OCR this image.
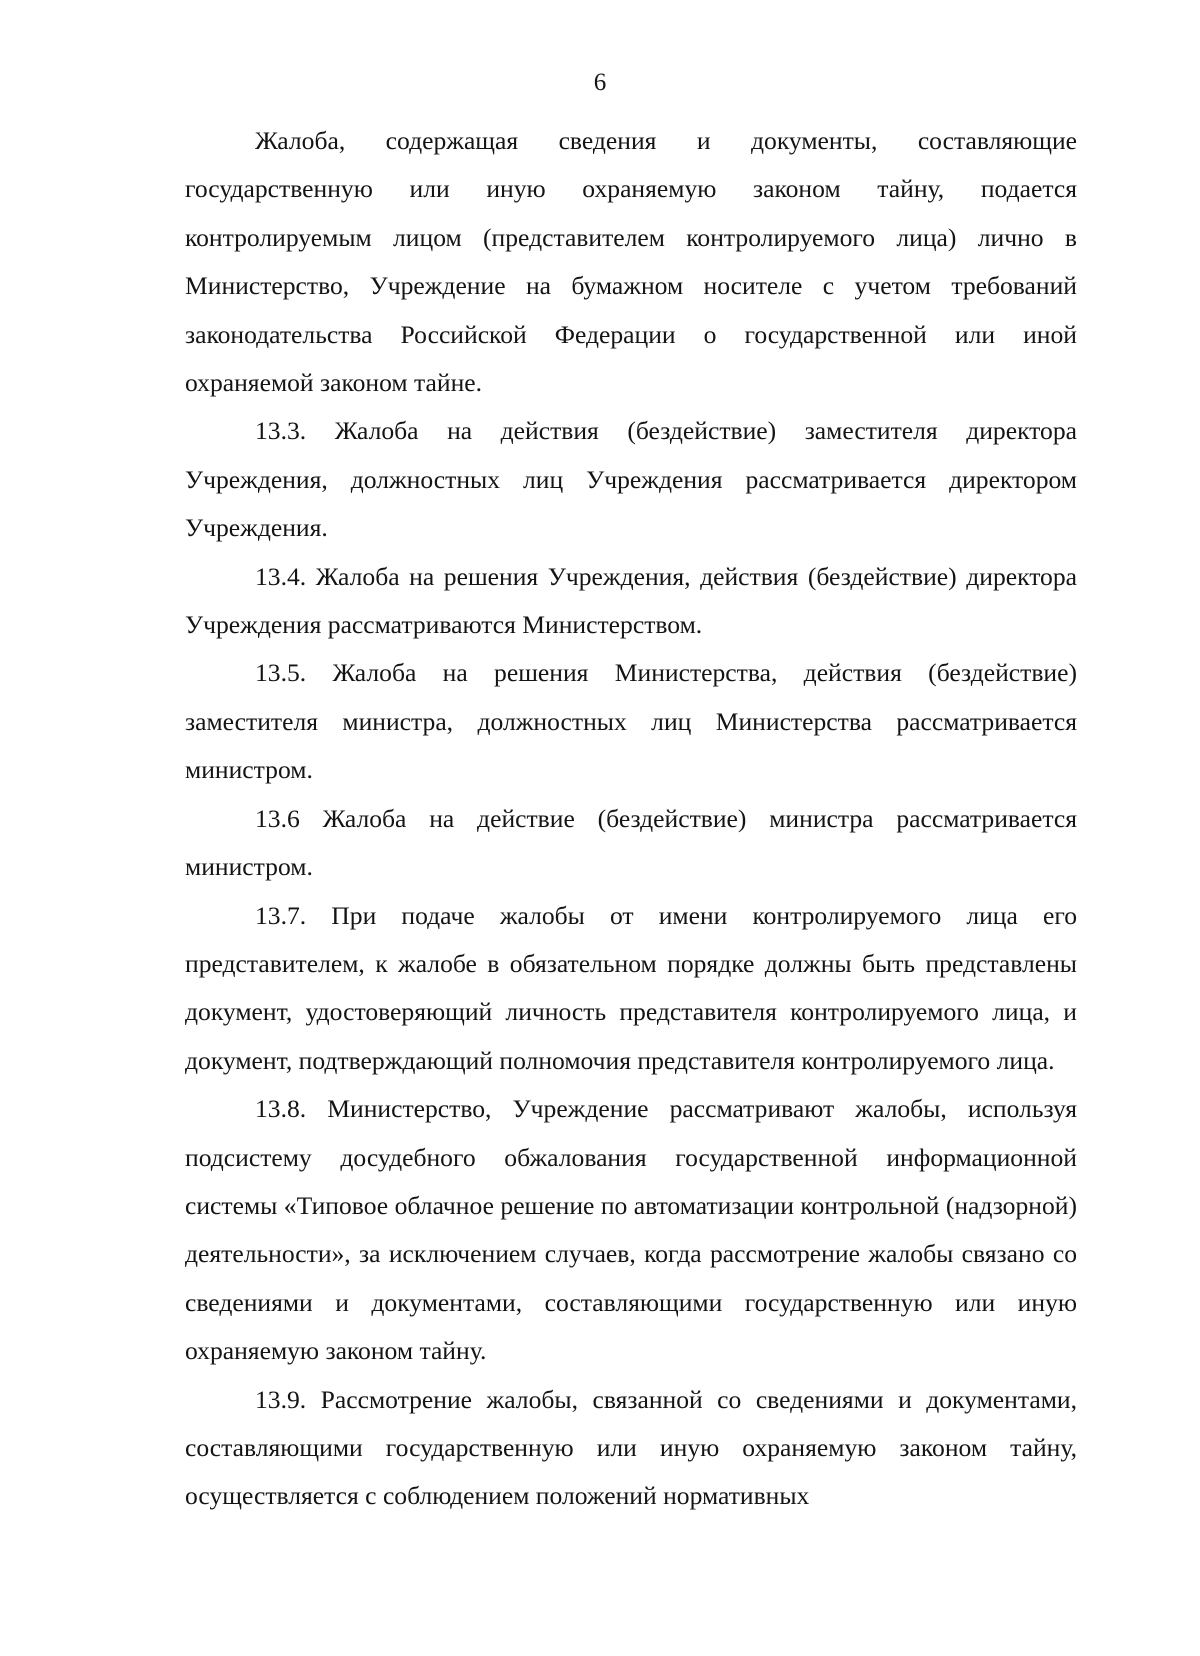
6

Жалоба, содержащая сведения и документы, составляющие государственную или иную охраняемую законом тайну, подается контролируемым лицом (представителем контролируемого лица) лично в Министерство, Учреждение на бумажном носителе с учетом требований законодательства Российской Федерации о государственной или иной охраняемой законом тайне.

13.3. Жалоба на действия (бездействие) заместителя директора Учреждения, должностных лиц Учреждения рассматривается директором Учреждения.

13.4. Жалоба на решения Учреждения, действия (бездействие) директора Учреждения рассматриваются Министерством.

13.5. Жалоба на решения Министерства, действия (бездействие) заместителя министра, должностных лиц Министерства рассматривается министром.

13.6 Жалоба на действие (бездействие) министра рассматривается министром.

13.7. При подаче жалобы от имени контролируемого лица его представителем, к жалобе в обязательном порядке должны быть представлены документ, удостоверяющий личность представителя контролируемого лица, и документ, подтверждающий полномочия представителя контролируемого лица.

13.8. Министерство, Учреждение рассматривают жалобы, используя подсистему досудебного обжалования государственной информационной системы «Типовое облачное решение по автоматизации контрольной (надзорной) деятельности», за исключением случаев, когда рассмотрение жалобы связано со сведениями и документами, составляющими государственную или иную охраняемую законом тайну.

13.9. Рассмотрение жалобы, связанной со сведениями и документами, составляющими государственную или иную охраняемую законом тайну, осуществляется с соблюдением положений нормативных
